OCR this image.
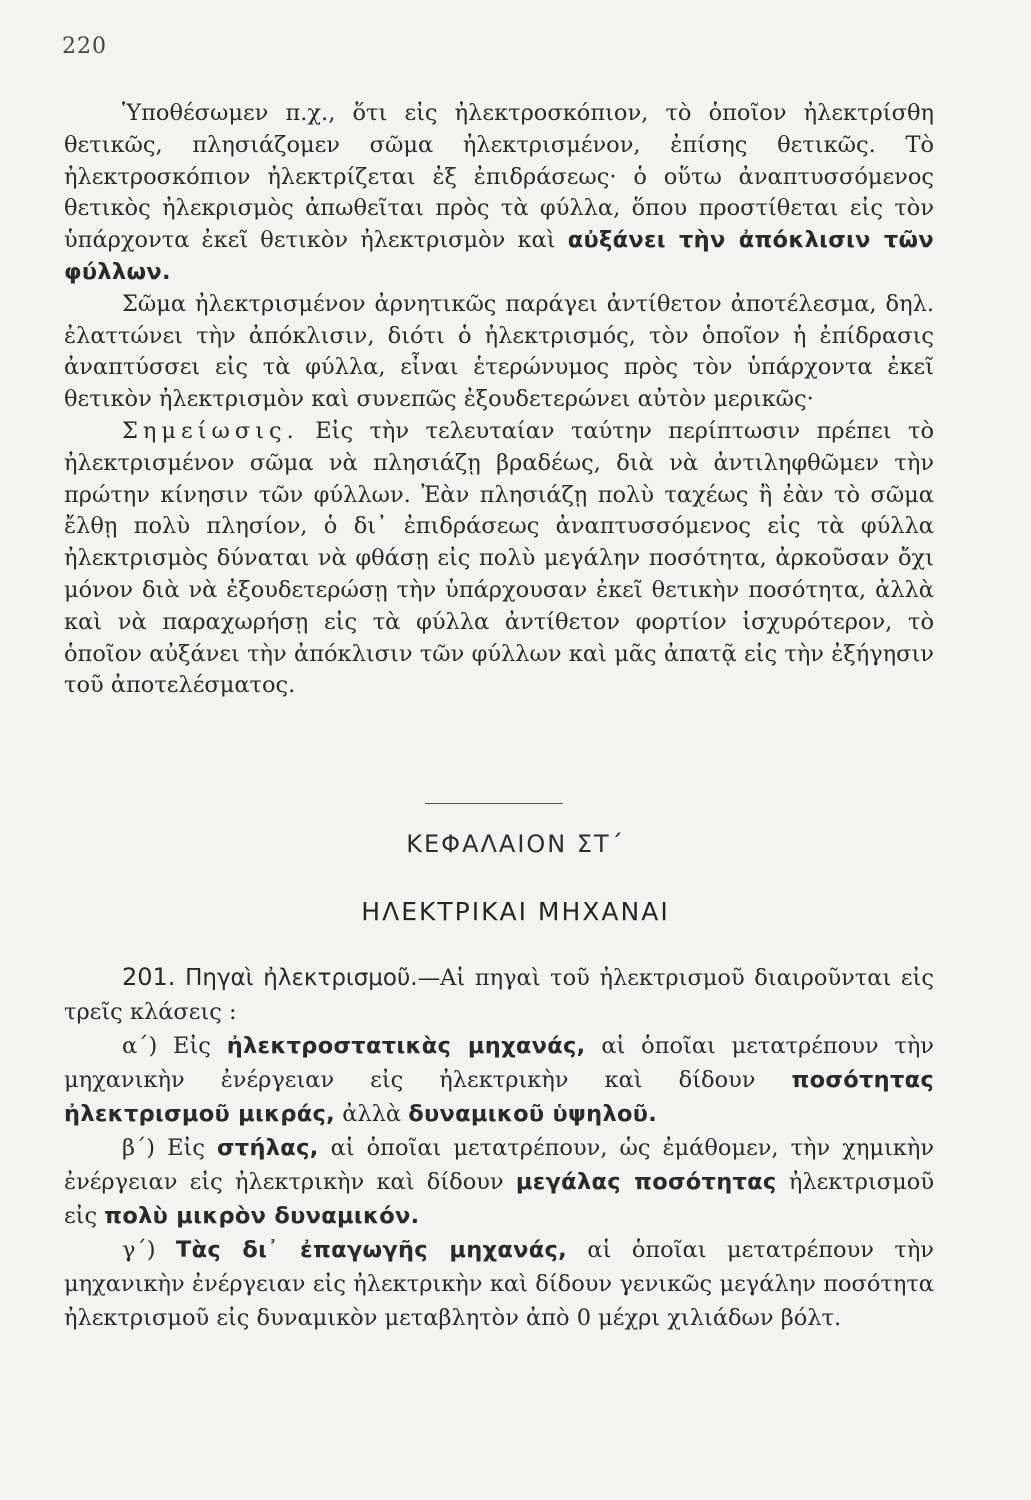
220

Ὑποθέσωμεν π.χ., ὅτι εἰς ἠλεκτροσκόπιον, τὸ ὁποῖον ἠλεκτρίσθη θετικῶς, πλησιάζομεν σῶμα ἠλεκτρισμένον, ἐπίσης θετικῶς. Τὸ ἠλεκτροσκόπιον ἠλεκτρίζεται ἐξ ἐπιδράσεως· ὁ οὕτω ἀναπτυσσόμενος θετικὸς ἠλεκρισμὸς ἀπωθεῖται πρὸς τὰ φύλλα, ὅπου προστίθεται εἰς τὸν ὑπάρχοντα ἐκεῖ θετικὸν ἠλεκτρισμὸν καὶ αὐξάνει τὴν ἀπόκλισιν τῶν φύλλων.

Σῶμα ἠλεκτρισμένον ἀρνητικῶς παράγει ἀντίθετον ἀποτέλεσμα, δηλ. ἐλαττώνει τὴν ἀπόκλισιν, διότι ὁ ἠλεκτρισμός, τὸν ὁποῖον ἡ ἐπίδρασις ἀναπτύσσει εἰς τὰ φύλλα, εἶναι ἑτερώνυμος πρὸς τὸν ὑπάρχοντα ἐκεῖ θετικὸν ἠλεκτρισμὸν καὶ συνεπῶς ἐξουδετερώνει αὐτὸν μερικῶς·

Σημείωσις. Εἰς τὴν τελευταίαν ταύτην περίπτωσιν πρέπει τὸ ἠλεκτρισμένον σῶμα νὰ πλησιάζῃ βραδέως, διὰ νὰ ἀντιληφθῶμεν τὴν πρώτην κίνησιν τῶν φύλλων. Ἐὰν πλησιάζῃ πολὺ ταχέως ἢ ἐὰν τὸ σῶμα ἔλθῃ πολὺ πλησίον, ὁ δι᾽ ἐπιδράσεως ἀναπτυσσόμενος εἰς τὰ φύλλα ἠλεκτρισμὸς δύναται νὰ φθάσῃ εἰς πολὺ μεγάλην ποσότητα, ἀρκοῦσαν ὄχι μόνον διὰ νὰ ἐξουδετερώσῃ τὴν ὑπάρχουσαν ἐκεῖ θετικὴν ποσότητα, ἀλλὰ καὶ νὰ παραχωρήσῃ εἰς τὰ φύλλα ἀντίθετον φορτίον ἰσχυρότερον, τὸ ὁποῖον αὐξάνει τὴν ἀπόκλισιν τῶν φύλλων καὶ μᾶς ἀπατᾷ εἰς τὴν ἐξήγησιν τοῦ ἀποτελέσματος.

ΚΕΦΑΛΑΙΟΝ ΣΤ΄
ΗΛΕΚΤΡΙΚΑΙ ΜΗΧΑΝΑΙ

201. Πηγαὶ ἠλεκτρισμοῦ.—Αἱ πηγαὶ τοῦ ἠλεκτρισμοῦ διαιροῦνται εἰς τρεῖς κλάσεις :

α΄) Εἰς ἠλεκτροστατικὰς μηχανάς, αἱ ὁποῖαι μετατρέπουν τὴν μηχανικὴν ἐνέργειαν εἰς ἠλεκτρικὴν καὶ δίδουν ποσότητας ἠλεκτρισμοῦ μικράς, ἀλλὰ δυναμικοῦ ὑψηλοῦ.

β΄) Εἰς στήλας, αἱ ὁποῖαι μετατρέπουν, ὡς ἐμάθομεν, τὴν χημικὴν ἐνέργειαν εἰς ἠλεκτρικὴν καὶ δίδουν μεγάλας ποσότητας ἠλεκτρισμοῦ εἰς πολὺ μικρὸν δυναμικόν.

γ΄) Τὰς δι᾽ ἐπαγωγῆς μηχανάς, αἱ ὁποῖαι μετατρέπουν τὴν μηχανικὴν ἐνέργειαν εἰς ἠλεκτρικὴν καὶ δίδουν γενικῶς μεγάλην ποσότητα ἠλεκτρισμοῦ εἰς δυναμικὸν μεταβλητὸν ἀπὸ 0 μέχρι χιλιάδων βόλτ.
